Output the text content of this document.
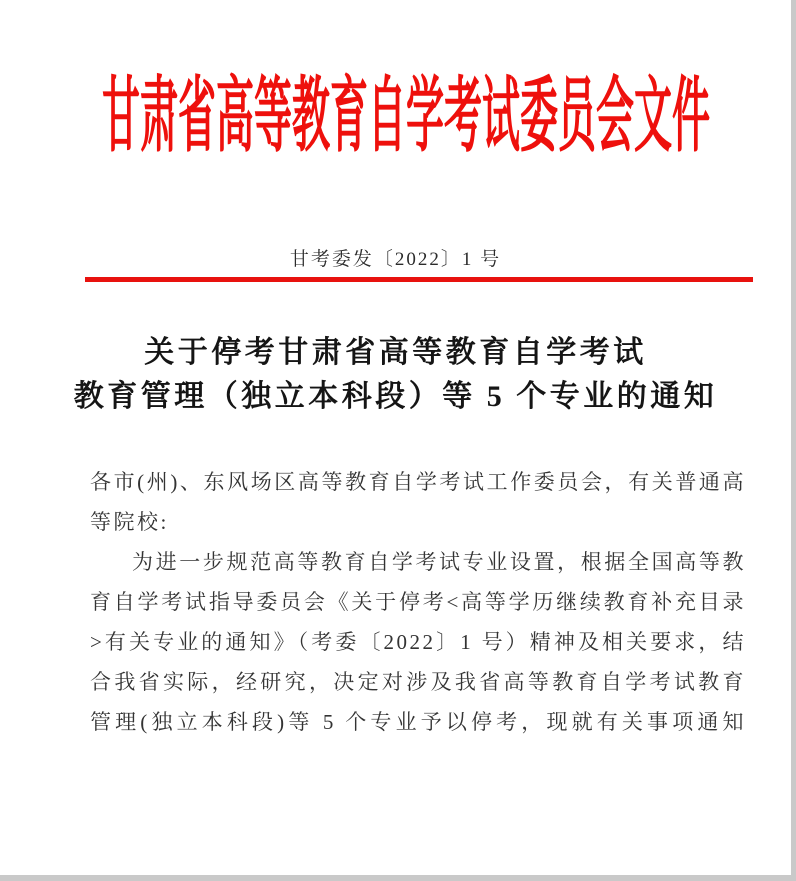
甘肃省高等教育自学考试委员会文件
甘考委发〔2022〕1 号
关于停考甘肃省高等教育自学考试
教育管理（独立本科段）等 5 个专业的通知

各市(州)、东风场区高等教育自学考试工作委员会，有关普通高等院校:

为进一步规范高等教育自学考试专业设置，根据全国高等教育自学考试指导委员会《关于停考<高等学历继续教育补充目录>有关专业的通知》（考委〔2022〕1 号）精神及相关要求，结合我省实际，经研究，决定对涉及我省高等教育自学考试教育管理(独立本科段)等 5 个专业予以停考，现就有关事项通知
